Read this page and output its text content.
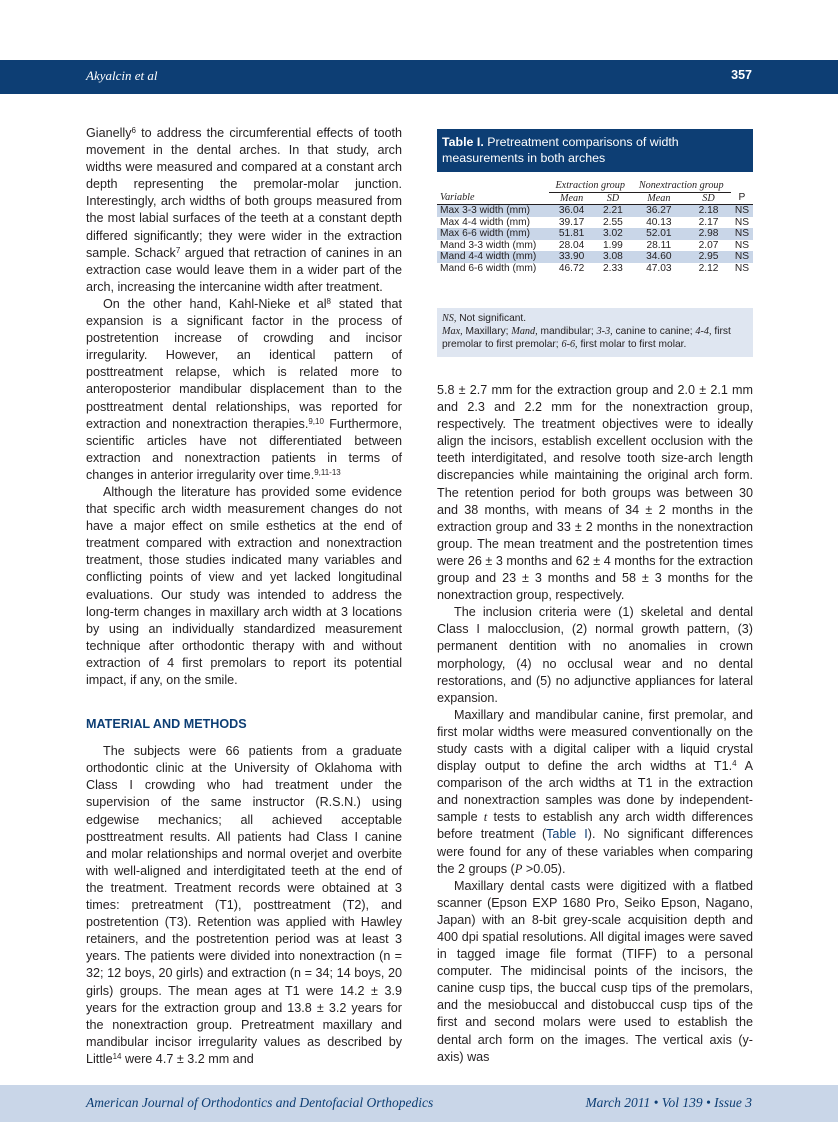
Akyalcin et al	357

Gianelly$^6$ to address the circumferential effects of tooth movement in the dental arches. In that study, arch widths were measured and compared at a constant arch depth representing the premolar-molar junction. Interestingly, arch widths of both groups measured from the most labial surfaces of the teeth at a constant depth differed significantly; they were wider in the extraction sample. Schack$^7$ argued that retraction of canines in an extraction case would leave them in a wider part of the arch, increasing the intercanine width after treatment.

On the other hand, Kahl-Nieke et $al^8$ stated that expansion is a significant factor in the process of postretention increase of crowding and incisor irregularity. However, an identical pattern of posttreatment relapse, which is related more to anteroposterior mandibular displacement than to the posttreatment dental relationships, was reported for extraction and nonextraction therapies.$^{9,10}$ Furthermore, scientific articles have not differentiated between extraction and nonextraction patients in terms of changes in anterior irregularity over time.$^{9,11-13}$

Although the literature has provided some evidence that specific arch width measurement changes do not have a major effect on smile esthetics at the end of treatment compared with extraction and nonextraction treatment, those studies indicated many variables and conflicting points of view and yet lacked longitudinal evaluations. Our study was intended to address the long-term changes in maxillary arch width at 3 locations by using an individually standardized measurement technique after orthodontic therapy with and without extraction of 4 first premolars to report its potential impact, if any, on the smile.

MATERIAL AND METHODS

The subjects were 66 patients from a graduate orthodontic clinic at the University of Oklahoma with Class I crowding who had treatment under the supervision of the same instructor (R.S.N.) using edgewise mechanics; all achieved acceptable posttreatment results. All patients had Class I canine and molar relationships and normal overjet and overbite with well-aligned and interdigitated teeth at the end of the treatment. Treatment records were obtained at 3 times: pretreatment (T1), posttreatment (T2), and postretention (T3). Retention was applied with Hawley retainers, and the postretention period was at least 3 years. The patients were divided into nonextraction (n = 32; 12 boys, 20 girls) and extraction (n = 34; 14 boys, 20 girls) groups. The mean ages at T1 were 14.2 ± 3.9 years for the extraction group and 13.8 ± 3.2 years for the nonextraction group. Pretreatment maxillary and mandibular incisor irregularity values as described by Little$^{14}$ were 4.7 ± 3.2 mm and

Table I. Pretreatment comparisons of width measurements in both arches
	Extraction group		Nonextraction group		
Variable	Mean	SD	Mean	SD	P
Max 3-3 width (mm)	36.04	2.21	36.27	2.18	NS
Max 4-4 width (mm)	39.17	2.55	40.13	2.17	NS
Max 6-6 width (mm)	51.81	3.02	52.01	2.98	NS
Mand 3-3 width (mm)	28.04	1.99	28.11	2.07	NS
Mand 4-4 width (mm)	33.90	3.08	34.60	2.95	NS
Mand 6-6 width (mm)	46.72	2.33	47.03	2.12	NS
NS, Not significant.
Max, Maxillary; Mand, mandibular; 3-3, canine to canine; 4-4, first premolar to first premolar; 6-6, first molar to first molar.

5.8 ± 2.7 mm for the extraction group and 2.0 ± 2.1 mm and 2.3 and 2.2 mm for the nonextraction group, respectively. The treatment objectives were to ideally align the incisors, establish excellent occlusion with the teeth interdigitated, and resolve tooth size-arch length discrepancies while maintaining the original arch form. The retention period for both groups was between 30 and 38 months, with means of 34 ± 2 months in the extraction group and 33 ± 2 months in the nonextraction group. The mean treatment and the postretention times were 26 ± 3 months and 62 ± 4 months for the extraction group and 23 ± 3 months and 58 ± 3 months for the nonextraction group, respectively.

The inclusion criteria were (1) skeletal and dental Class I malocclusion, (2) normal growth pattern, (3) permanent dentition with no anomalies in crown morphology, (4) no occlusal wear and no dental restorations, and (5) no adjunctive appliances for lateral expansion.

Maxillary and mandibular canine, first premolar, and first molar widths were measured conventionally on the study casts with a digital caliper with a liquid crystal display output to define the arch widths at T1.$^4$ A comparison of the arch widths at T1 in the extraction and nonextraction samples was done by independent-sample t tests to establish any arch width differences before treatment (Table I). No significant differences were found for any of these variables when comparing the 2 groups (P >0.05).

Maxillary dental casts were digitized with a flatbed scanner (Epson EXP 1680 Pro, Seiko Epson, Nagano, Japan) with an 8-bit grey-scale acquisition depth and 400 dpi spatial resolutions. All digital images were saved in tagged image file format (TIFF) to a personal computer. The midincisal points of the incisors, the canine cusp tips, the buccal cusp tips of the premolars, and the mesiobuccal and distobuccal cusp tips of the first and second molars were used to establish the dental arch form on the images. The vertical axis (y-axis) was

American Journal of Orthodontics and Dentofacial Orthopedics	March 2011 • Vol 139 • Issue 3
